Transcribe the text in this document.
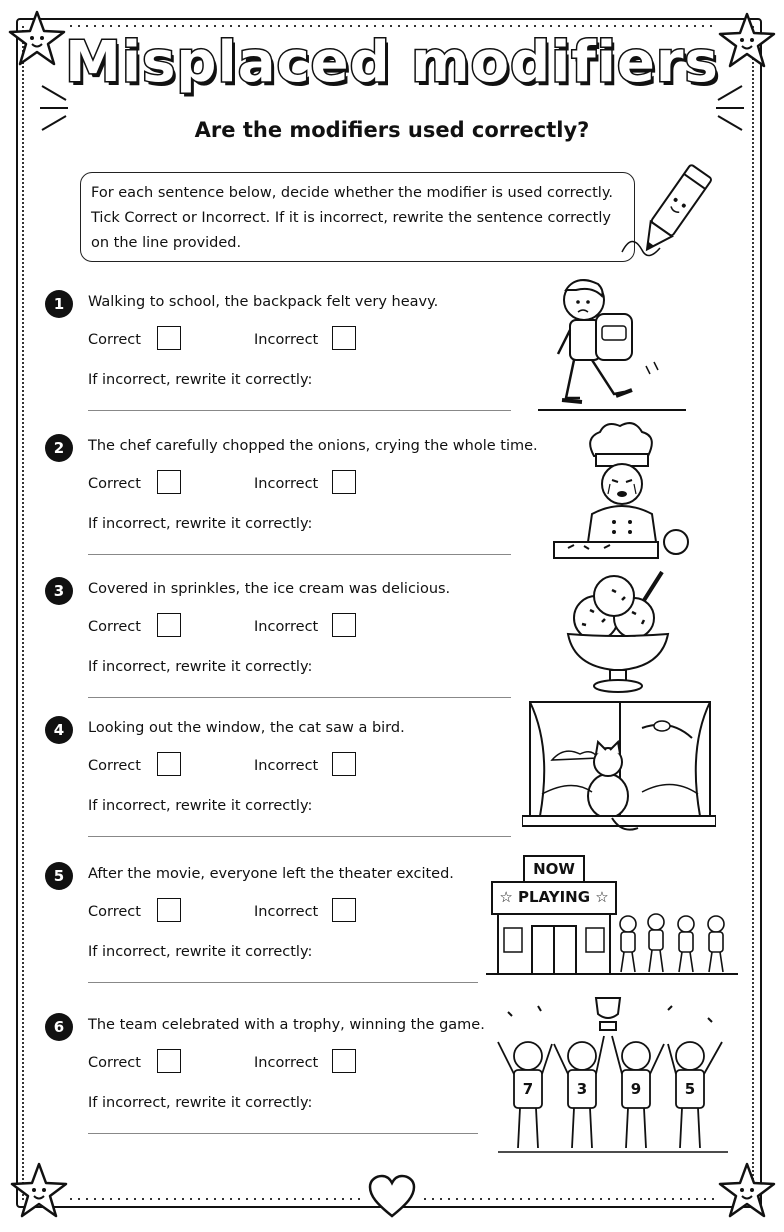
Misplaced modifiers
Are the modifiers used correctly?
For each sentence below, decide whether the modifier is used correctly.
Tick Correct or Incorrect. If it is incorrect, rewrite the sentence correctly
on the line provided.
1	Walking to school, the backpack felt very heavy.
Correct	Incorrect
If incorrect, rewrite it correctly:
2	The chef carefully chopped the onions, crying the whole time.
Correct	Incorrect
If incorrect, rewrite it correctly:
3	Covered in sprinkles, the ice cream was delicious.
Correct	Incorrect
If incorrect, rewrite it correctly:
4	Looking out the window, the cat saw a bird.
Correct	Incorrect
If incorrect, rewrite it correctly:
5	After the movie, everyone left the theater excited.
Correct	Incorrect
If incorrect, rewrite it correctly:
6	The team celebrated with a trophy, winning the game.
Correct	Incorrect
If incorrect, rewrite it correctly:
NOW
☆ PLAYING ☆
7	3	9	5
